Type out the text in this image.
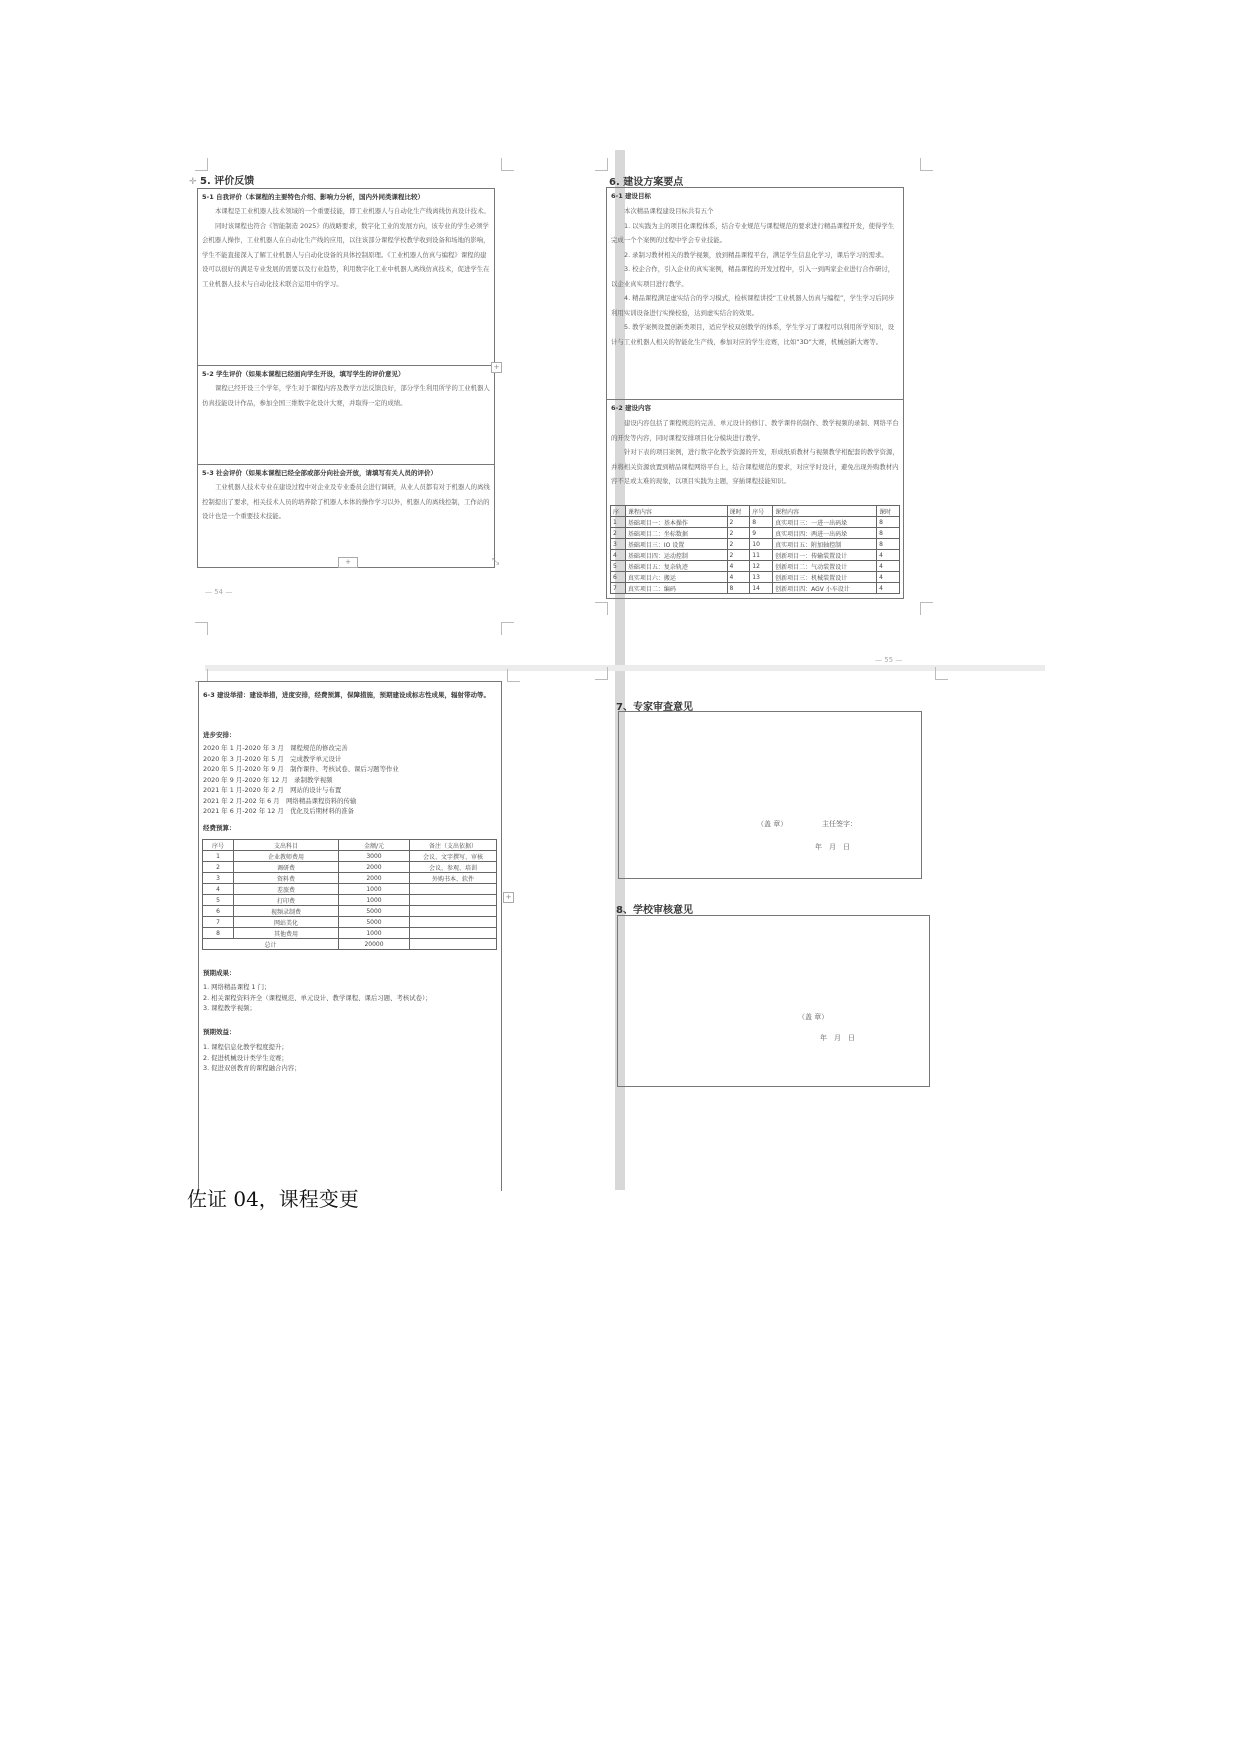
✛ 5. 评价反馈
5-1 自我评价（本课程的主要特色介绍、影响力分析，国内外同类课程比较）

本课程是工业机器人技术领域的一个重要技能，即工业机器人与自动化生产线离线仿真设计技术。

同时该课程也符合《智能制造 2025》的战略要求，数字化工业的发展方向，该专业的学生必须学会机器人操作，工业机器人在自动化生产线的应用，以往该部分课程学校教学收到设备和场地的影响，学生不能直接深入了解工业机器人与自动化设备的具体控制原理。《工业机器人仿真与编程》课程的建设可以很好的满足专业发展的需要以及行业趋势，利用数字化工业中机器人离线仿真技术，促进学生在工业机器人技术与自动化技术联合运用中的学习。

5-2 学生评价（如果本课程已经面向学生开设，填写学生的评价意见）

课程已经开设三个学年，学生对于课程内容及教学方法反馈良好，部分学生利用所学的工业机器人仿真技能设计作品，参加全国三维数字化设计大赛，并取得一定的成绩。

5-3 社会评价（如果本课程已经全部或部分向社会开放，请填写有关人员的评价）

工业机器人技术专业在建设过程中对企业及专业委员会进行调研，从业人员都有对于机器人的离线控制提出了要求，相关技术人员的培养除了机器人本体的操作学习以外，机器人的离线控制，工作站的设计也是一个重要技术技能。

+
+	⤡
— 54 —
6. 建设方案要点
6-1 建设目标

本次精品课程建设目标共有五个

1. 以实践为主的项目化课程体系，结合专业规范与课程规范的要求进行精品课程开发，使得学生完成一个个案例的过程中学会专业技能。

2. 录制习教材相关的教学视频，放到精品课程平台，满足学生信息化学习，课后学习的需求。

3. 校企合作，引入企业的真实案例，精品课程的开发过程中，引入一到两家企业进行合作研讨，以企业真实项目进行教学。

4. 精品课程满足虚实结合的学习模式，检核课程讲授“工业机器人仿真与编程”，学生学习后同步利用实训设备进行实操校验，达到虚实结合的效果。

5. 教学案例设置创新类项目，适应学校双创教学的体系，学生学习了课程可以利用所学知识，设计与工业机器人相关的智能化生产线，参加对应的学生竞赛，比如“3D”大赛，机械创新大赛等。

6-2 建设内容

建设内容包括了课程规范的完善、单元设计的修订、教学课件的制作、教学视频的录制、网络平台的开发等内容，同时课程安排项目化分模块进行教学。

针对下表的项目案例，进行数字化教学资源的开发，形成纸质教材与视频教学相配套的教学资源，并将相关资源放置到精品课程网络平台上，结合课程规范的要求，对应学时设计，避免出现外购教材内容不足或太难的现象，以项目实践为主题，穿插课程技能知识。

序	课程内容	课时	序号	课程内容	课时
1	基础项目一：基本操作	2	8	真实项目三：一进一出码垛	8
2	基础项目二：坐标数据	2	9	真实项目四：两进一出码垛	8
3	基础项目三：IO 设置	2	10	真实项目五：附加轴控制	8
4	基础项目四：运动控制	2	11	创新项目一：传输装置设计	4
5	基础项目五：复杂轨迹	4	12	创新项目二：气动装置设计	4
6	真实项目六：搬运	4	13	创新项目三：机械装置设计	4
7	真实项目二：编码	8	14	创新项目四：AGV 小车设计	4
— 55 —
6-3 建设举措：建设举措，进度安排，经费预算，保障措施，预期建设成标志性成果，辐射带动等。
进步安排：
2020 年 1 月-2020 年 3 月　课程规范的修改完善
2020 年 3 月-2020 年 5 月　完成教学单元设计
2020 年 5 月-2020 年 9 月　制作课件、考核试卷、课后习题等作业
2020 年 9 月-2020 年 12 月　录制教学视频
2021 年 1 月-2020 年 2 月　网站的设计与布置
2021 年 2 月-202 年 6 月　网络精品课程资料的传输
2021 年 6 月-202 年 12 月　优化及后期材料的准备
经费预算：
序号	支出科目	金额/元	备注（支出依据）
1	企业教师费用	3000	会议、文字撰写、审核
2	调研费	2000	会议、参观、培训
3	资料费	2000	外购书本、软件
4	差旅费	1000	
5	打印费	1000	
6	视频录制费	5000	
7	网站美化	5000	
8	其他费用	1000	
总计		20000	
预期成果：
1. 网络精品课程 1 门；
2. 相关课程资料齐全（课程规范、单元设计、教学课程、课后习题、考核试卷）；
3. 课程教学视频；
预期效益：
1. 课程信息化教学程度提升；
2. 促进机械设计类学生竞赛；
3. 促进双创教育的课程融合内容；
+
7、专家审查意见
（盖 章）	主任签字：
年　月　日
8、学校审核意见
（盖 章）
年　月　日
佐证 04，课程变更
